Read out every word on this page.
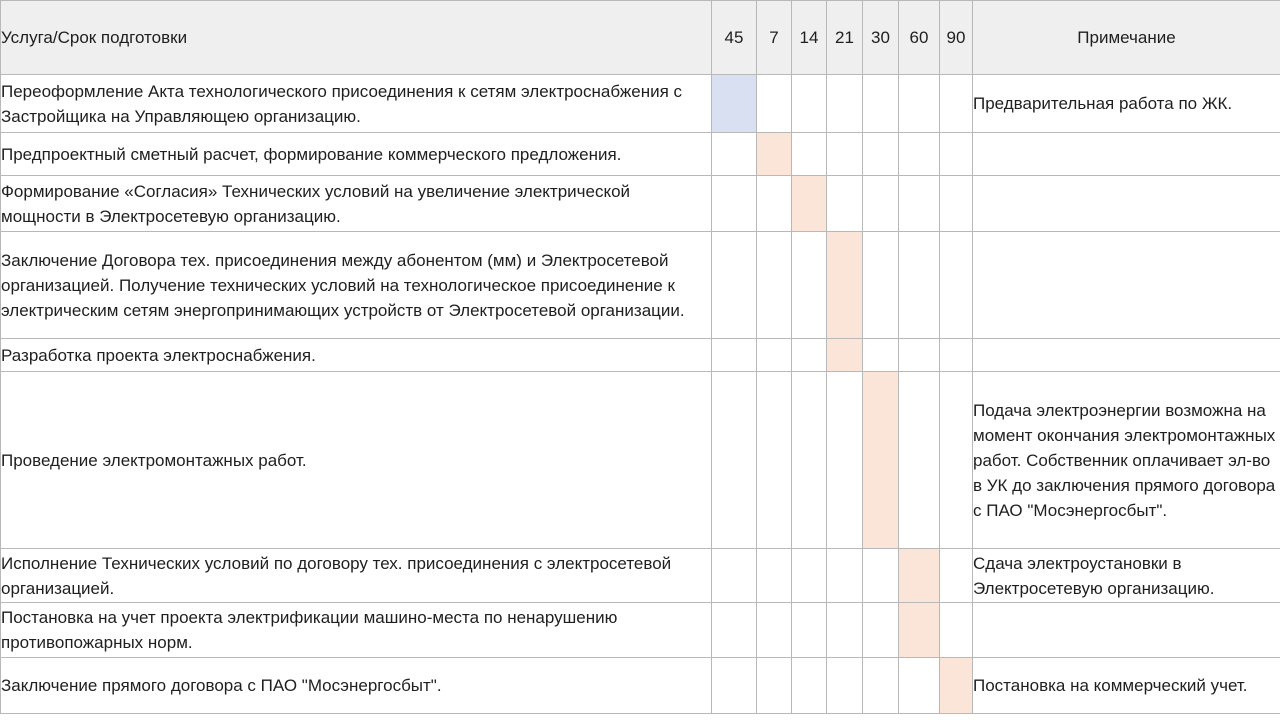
Услуга/Срок подготовки	45	7	14	21	30	60	90	Примечание
Переоформление Акта технологического присоединения к сетям электроснабжения с Застройщика на Управляющею организацию.								Предварительная работа по ЖК.
Предпроектный сметный расчет, формирование коммерческого предложения.								
Формирование «Согласия» Технических условий на увеличение электрической мощности в Электросетевую организацию.								
Заключение Договора тех. присоединения между абонентом (мм) и Электросетевой организацией. Получение технических условий на технологическое присоединение к электрическим сетям энергопринимающих устройств от Электросетевой организации.								
Разработка проекта электроснабжения.								
Проведение электромонтажных работ.								Подача электроэнергии возможна на момент окончания электромонтажных работ. Собственник оплачивает эл-во в УК до заключения прямого договора с ПАО "Мосэнергосбыт".
Исполнение Технических условий по договору тех. присоединения с электросетевой организацией.								Сдача электроустановки в Электросетевую организацию.
Постановка на учет проекта электрификации машино-места по ненарушению противопожарных норм.								
Заключение прямого договора с ПАО "Мосэнергосбыт".								Постановка на коммерческий учет.
